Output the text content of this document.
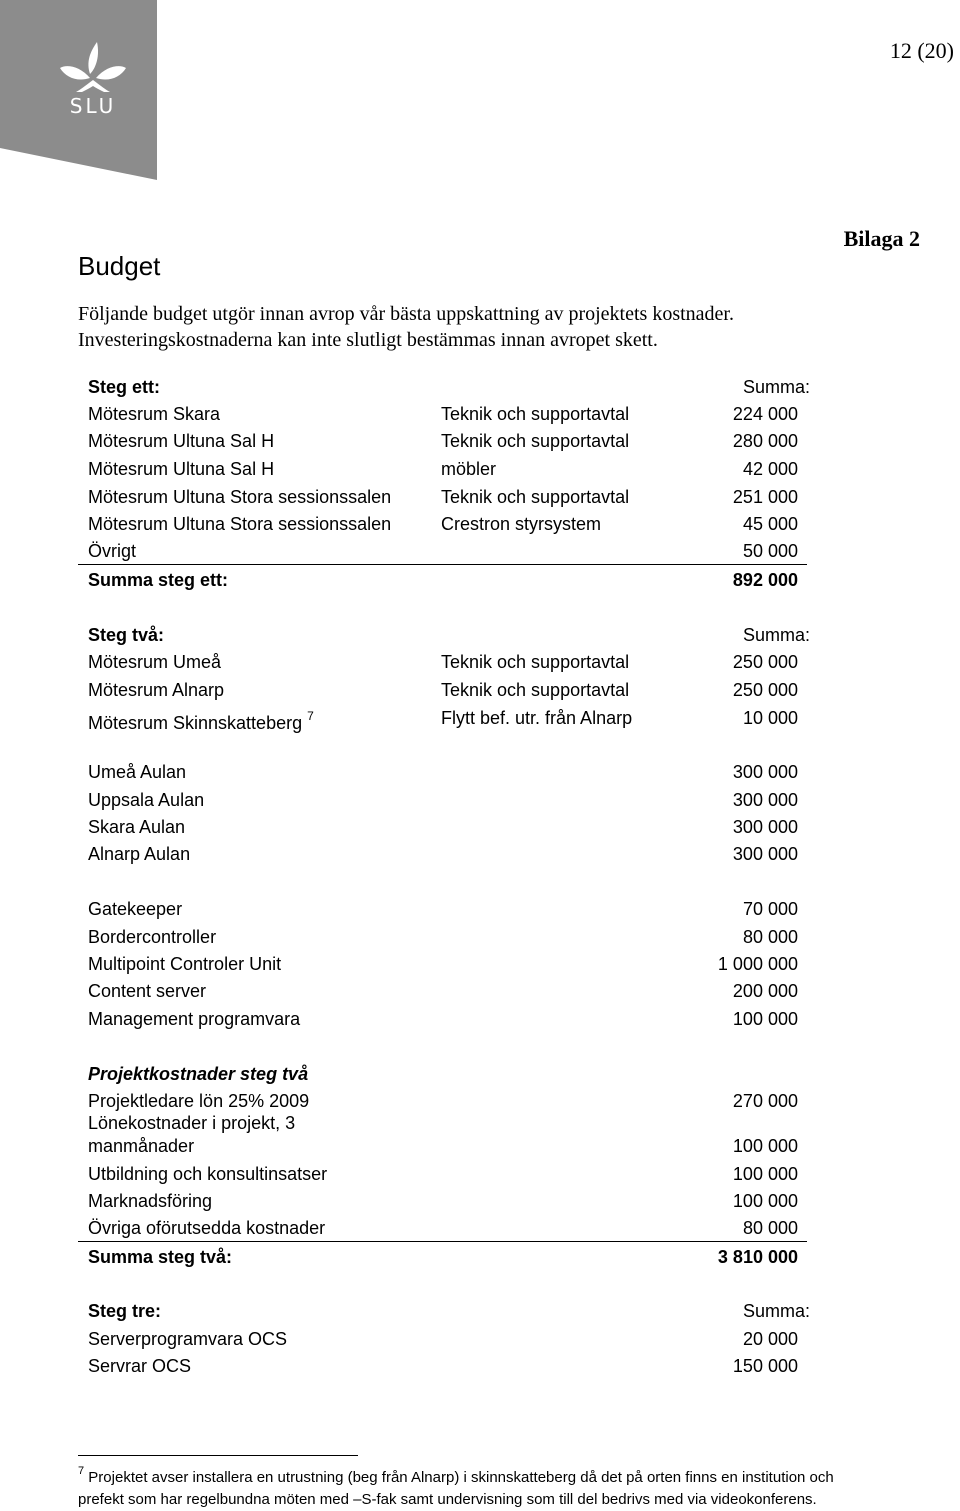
SLU
12 (20)
Bilaga 2
Budget
Följande budget utgör innan avrop vår bästa uppskattning av projektets kostnader.
Investeringskostnaderna kan inte slutligt bestämmas innan avropet skett.
Steg ett:	Summa:
Mötesrum Skara	Teknik och supportavtal	224 000
Mötesrum Ultuna Sal H	Teknik och supportavtal	280 000
Mötesrum Ultuna Sal H	möbler	42 000
Mötesrum Ultuna Stora sessionssalen	Teknik och supportavtal	251 000
Mötesrum Ultuna Stora sessionssalen	Crestron styrsystem	45 000
Övrigt	50 000
Summa steg ett:	892 000
Steg två:	Summa:
Mötesrum Umeå	Teknik och supportavtal	250 000
Mötesrum Alnarp	Teknik och supportavtal	250 000
Mötesrum Skinnskatteberg $^7$	Flytt bef. utr. från Alnarp	10 000
Umeå Aulan	300 000
Uppsala Aulan	300 000
Skara Aulan	300 000
Alnarp Aulan	300 000
Gatekeeper	70 000
Bordercontroller	80 000
Multipoint Controler Unit	1 000 000
Content server	200 000
Management programvara	100 000
Projektkostnader steg två
Projektledare lön 25% 2009	270 000
Lönekostnader i projekt, 3
manmånader	100 000
Utbildning och konsultinsatser	100 000
Marknadsföring	100 000
Övriga oförutsedda kostnader	80 000
Summa steg två:	3 810 000
Steg tre:	Summa:
Serverprogramvara OCS	20 000
Servrar OCS	150 000
$^7$ Projektet avser installera en utrustning (beg från Alnarp) i skinnskatteberg då det på orten finns en institution och
prefekt som har regelbundna möten med –S-fak samt undervisning som till del bedrivs med via videokonferens.
